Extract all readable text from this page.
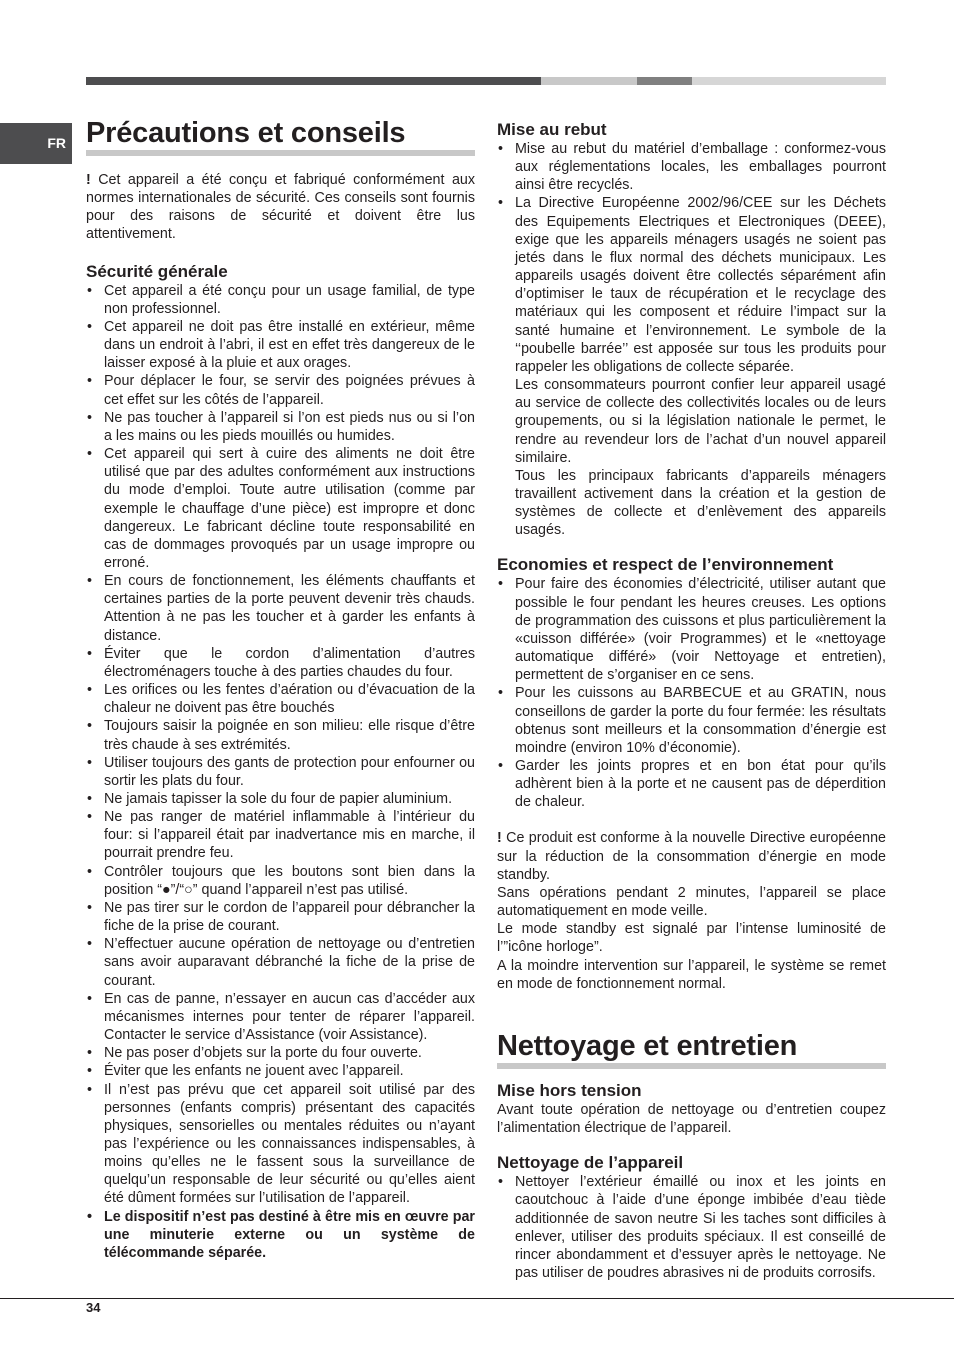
FR Précautions et conseils

! Cet appareil a été conçu et fabriqué conformément aux normes internationales de sécurité. Ces conseils sont fournis pour des raisons de sécurité et doivent être lus attentivement.

Sécurité générale
• Cet appareil a été conçu pour un usage familial, de type non professionnel.
• Cet appareil ne doit pas être installé en extérieur, même dans un endroit à l’abri, il est en effet très dangereux de le laisser exposé à la pluie et aux orages.
• Pour déplacer le four, se servir des poignées prévues à cet effet sur les côtés de l’appareil.
• Ne pas toucher à l’appareil si l’on est pieds nus ou si l’on a les mains ou les pieds mouillés ou humides.
• Cet appareil qui sert à cuire des aliments ne doit être utilisé que par des adultes conformément aux instructions du mode d’emploi. Toute autre utilisation (comme par exemple le chauffage d’une pièce) est impropre et donc dangereux. Le fabricant décline toute responsabilité en cas de dommages provoqués par un usage impropre ou erroné.
• En cours de fonctionnement, les éléments chauffants et certaines parties de la porte peuvent devenir très chauds. Attention à ne pas les toucher et à garder les enfants à distance.
• Éviter que le cordon d’alimentation d’autres électroménagers touche à des parties chaudes du four.
• Les orifices ou les fentes d’aération ou d’évacuation de la chaleur ne doivent pas être bouchés
• Toujours saisir la poignée en son milieu: elle risque d’être très chaude à ses extrémités.
• Utiliser toujours des gants de protection pour enfourner ou sortir les plats du four.
• Ne jamais tapisser la sole du four de papier aluminium.
• Ne pas ranger de matériel inflammable à l’intérieur du four: si l’appareil était par inadvertance mis en marche, il pourrait prendre feu.
• Contrôler toujours que les boutons sont bien dans la position “●”/“○” quand l’appareil n’est pas utilisé.
• Ne pas tirer sur le cordon de l’appareil pour débrancher la fiche de la prise de courant.
• N’effectuer aucune opération de nettoyage ou d’entretien sans avoir auparavant débranché la fiche de la prise de courant.
• En cas de panne, n’essayer en aucun cas d’accéder aux mécanismes internes pour tenter de réparer l’appareil. Contacter le service d’Assistance (voir Assistance).
• Ne pas poser d’objets sur la porte du four ouverte.
• Éviter que les enfants ne jouent avec l’appareil.
• Il n’est pas prévu que cet appareil soit utilisé par des personnes (enfants compris) présentant des capacités physiques, sensorielles ou mentales réduites ou n’ayant pas l’expérience ou les connaissances indispensables, à moins qu’elles ne le fassent sous la surveillance de quelqu’un responsable de leur sécurité ou qu’elles aient été dûment formées sur l’utilisation de l’appareil.
• Le dispositif n’est pas destiné à être mis en œuvre par une minuterie externe ou un système de télécommande séparée.
Mise au rebut
• Mise au rebut du matériel d’emballage : conformez-vous aux réglementations locales, les emballages pourront ainsi être recyclés.
• La Directive Européenne 2002/96/CEE sur les Déchets des Equipements Electriques et Electroniques (DEEE), exige que les appareils ménagers usagés ne soient pas jetés dans le flux normal des déchets municipaux. Les appareils usagés doivent être collectés séparément afin d’optimiser le taux de récupération et le recyclage des matériaux qui les composent et réduire l’impact sur la santé humaine et l’environnement. Le symbole de la ‘‘poubelle barrée’’ est apposée sur tous les produits pour rappeler les obligations de collecte séparée.

Les consommateurs pourront confier leur appareil usagé au service de collecte des collectivités locales ou de leurs groupements, ou si la législation nationale le permet, le rendre au revendeur lors de l’achat d’un nouvel appareil similaire.

Tous les principaux fabricants d’appareils ménagers travaillent activement dans la création et la gestion de systèmes de collecte et d’enlèvement des appareils usagés.

Economies et respect de l’environnement
• Pour faire des économies d’électricité, utiliser autant que possible le four pendant les heures creuses. Les options de programmation des cuissons et plus particulièrement la «cuisson différée» (voir Programmes) et le «nettoyage automatique différé» (voir Nettoyage et entretien), permettent de s’organiser en ce sens.
• Pour les cuissons au BARBECUE et au GRATIN, nous conseillons de garder la porte du four fermée: les résultats obtenus sont meilleurs et la consommation d’énergie est moindre (environ 10% d’économie).
• Garder les joints propres et en bon état pour qu’ils adhèrent bien à la porte et ne causent pas de déperdition de chaleur.

! Ce produit est conforme à la nouvelle Directive européenne sur la réduction de la consommation d’énergie en mode standby.

Sans opérations pendant 2 minutes, l’appareil se place automatiquement en mode veille.

Le mode standby est signalé par l’intense luminosité de l’”icône horloge”.

A la moindre intervention sur l’appareil, le système se remet en mode de fonctionnement normal.

Nettoyage et entretien
Mise hors tension

Avant toute opération de nettoyage ou d’entretien coupez l’alimentation électrique de l’appareil.

Nettoyage de l’appareil
• Nettoyer l’extérieur émaillé ou inox et les joints en caoutchouc à l’aide d’une éponge imbibée d’eau tiède additionnée de savon neutre Si les taches sont difficiles à enlever, utiliser des produits spéciaux. Il est conseillé de rincer abondamment et d’essuyer après le nettoyage. Ne pas utiliser de poudres abrasives ni de produits corrosifs.
34
